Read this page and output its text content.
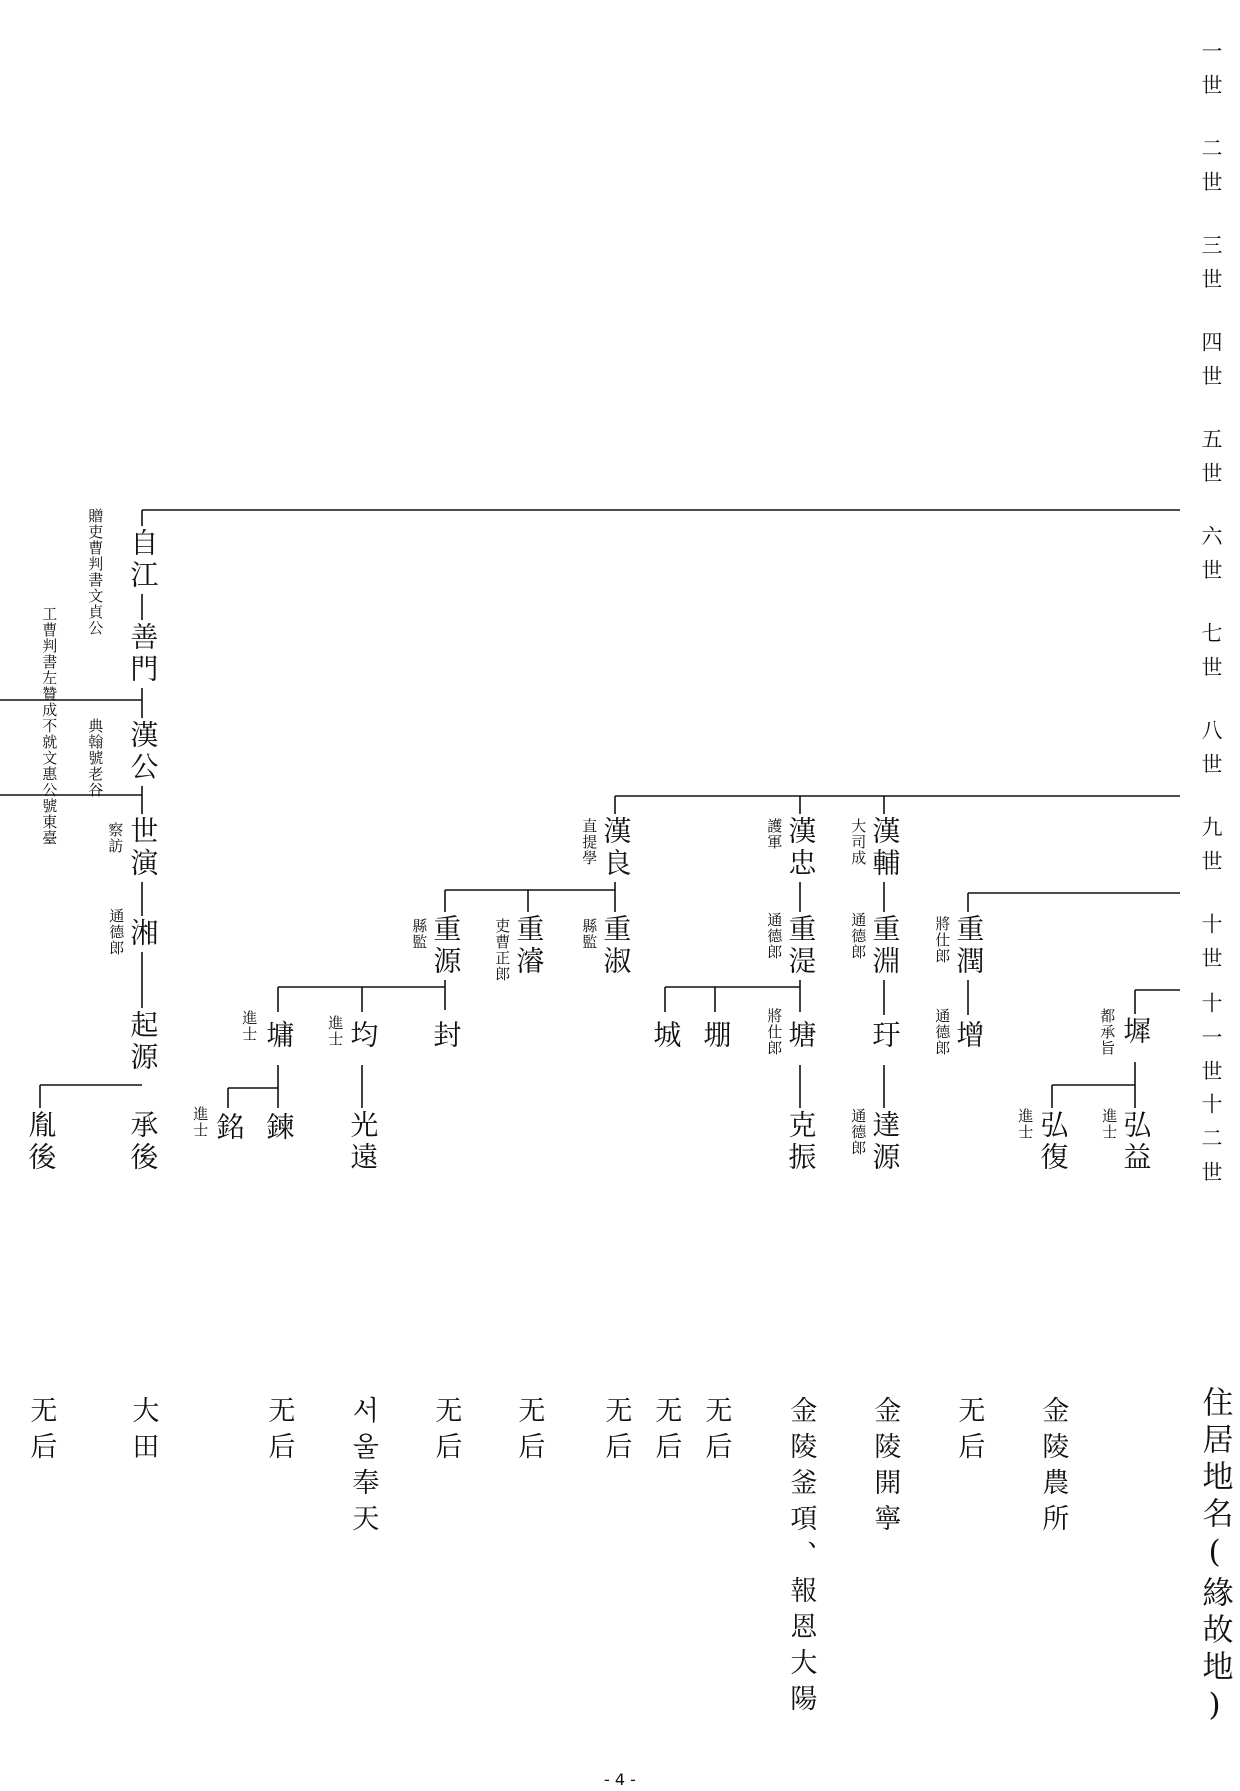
一世
二世
三世
四世
五世
六世
七世
八世
九世
十世
十一世
十二世
自江
贈吏曹判書文貞公
善門
工曹判書左贊成不就文惠公號東臺 漢公
典翰號老谷
世演
察訪	漢良
直提學	漢忠
護軍	漢輔
大司成
湘
通德郎	重源
縣監	重濬
吏曹正郎	重淑
縣監	重湜
通德郎	重淵
通德郎	重潤
將仕郎
起源	墉
進士	均
進士	封	城 堋 塘
將仕郎	玗 增
通德郎	墀
都承旨
胤後 承後 銘
進士 鍊 光遠	克振 達源
通德郎	弘復
進士	弘益
進士
无后	大田	无后 서울奉天 无后 无后 无后 无后 无后 金陵釜項、報恩大陽 金陵開寧 无后 金陵農所	住居地名(緣故地)
- 4 -
